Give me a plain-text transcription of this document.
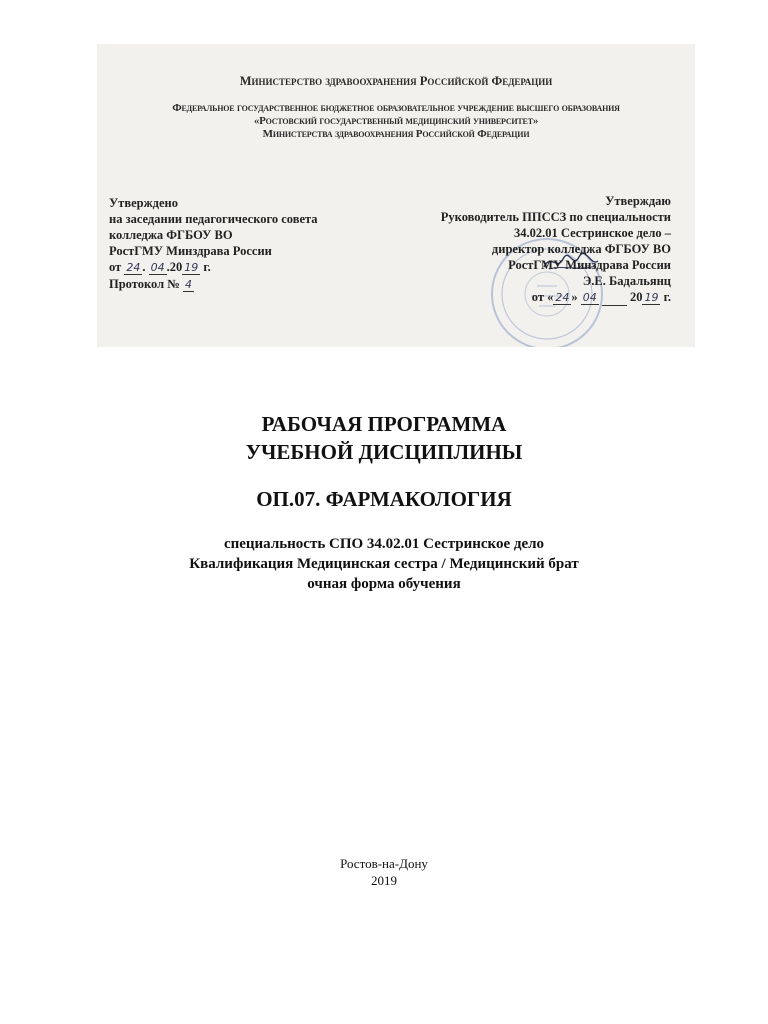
Министерство здравоохранения Российской Федерации
Федеральное государственное бюджетное образовательное учреждение высшего образования
«Ростовский государственный медицинский университет»
Министерства здравоохранения Российской Федерации
Утверждено
на заседании педагогического совета
колледжа ФГБОУ ВО
РостГМУ Минздрава России
от 24 . 04 .20 19 г.
Протокол № 4
Утверждаю
Руководитель ППССЗ по специальности
34.02.01 Сестринское дело –
директор колледжа ФГБОУ ВО
РостГМУ Минздрава России
Э.Е. Бадальянц
от « 24 » 04	20 19 г.
РАБОЧАЯ ПРОГРАММА
УЧЕБНОЙ ДИСЦИПЛИНЫ
ОП.07. ФАРМАКОЛОГИЯ
специальность СПО 34.02.01 Сестринское дело
Квалификация Медицинская сестра / Медицинский брат
очная форма обучения
Ростов-на-Дону
2019
